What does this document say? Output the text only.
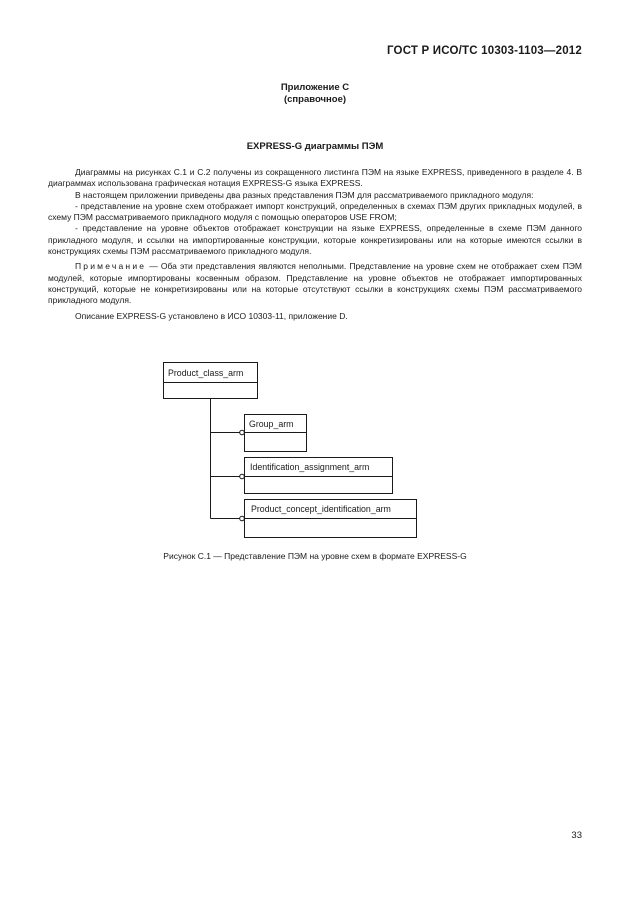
ГОСТ Р ИСО/ТС 10303-1103—2012
Приложение С
(справочное)
EXPRESS-G диаграммы ПЭМ

Диаграммы на рисунках С.1 и С.2 получены из сокращенного листинга ПЭМ на языке EXPRESS, приведенного в разделе 4. В диаграммах использована графическая нотация EXPRESS-G языка EXPRESS.

В настоящем приложении приведены два разных представления ПЭМ для рассматриваемого прикладного модуля:

- представление на уровне схем отображает импорт конструкций, определенных в схемах ПЭМ других прикладных модулей, в схему ПЭМ рассматриваемого прикладного модуля с помощью операторов USE FROM;

- представление на уровне объектов отображает конструкции на языке EXPRESS, определенные в схеме ПЭМ данного прикладного модуля, и ссылки на импортированные конструкции, которые конкретизированы или на которые имеются ссылки в конструкциях схемы ПЭМ рассматриваемого прикладного модуля.

Примечание — Оба эти представления являются неполными. Представление на уровне схем не отображает схем ПЭМ модулей, которые импортированы косвенным образом. Представление на уровне объектов не отображает импортированных конструкций, которые не конкретизированы или на которые отсутствуют ссылки в конструкциях схемы ПЭМ рассматриваемого прикладного модуля.

Описание EXPRESS-G установлено в ИСО 10303-11, приложение D.

Product_class_arm
Group_arm
Identification_assignment_arm
Product_concept_identification_arm
Рисунок С.1 — Представление ПЭМ на уровне схем в формате EXPRESS-G
33
